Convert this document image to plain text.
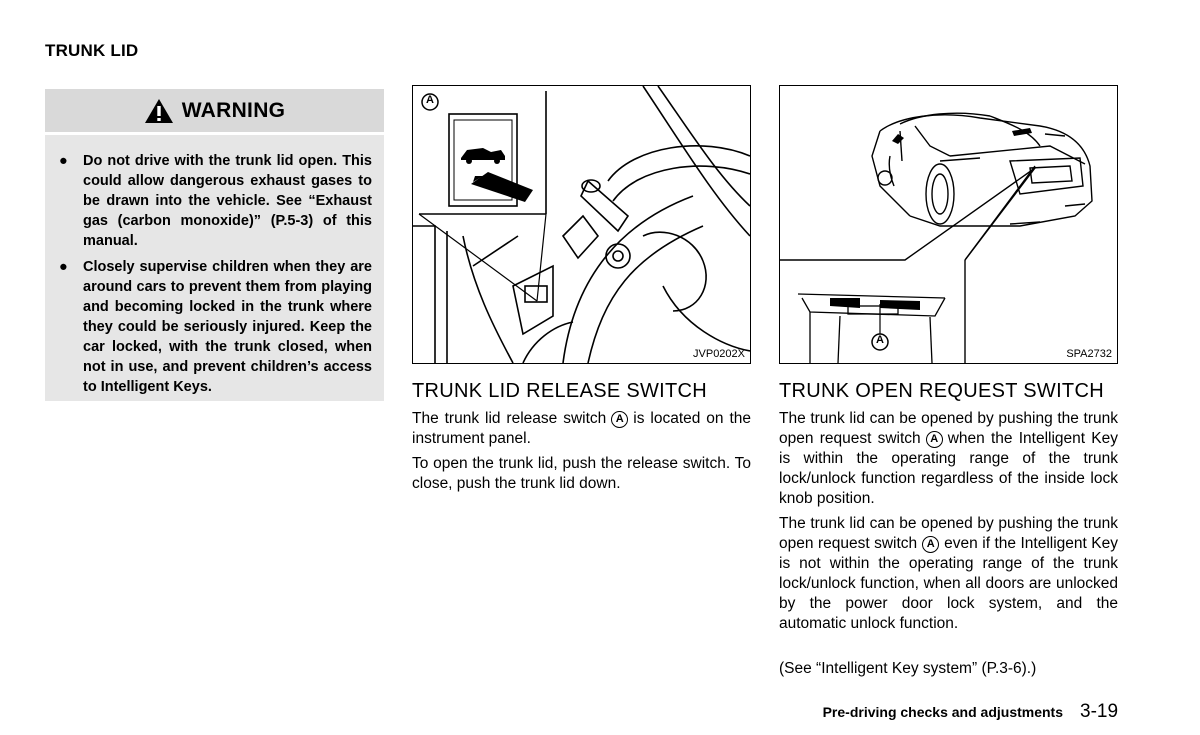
TRUNK LID
WARNING
● Do not drive with the trunk lid open. This could allow dangerous exhaust gases to be drawn into the vehicle. See “Exhaust gas (carbon monoxide)” (P.5-3) of this manual.
● Closely supervise children when they are around cars to prevent them from playing and becoming locked in the trunk where they could be seriously injured. Keep the car locked, with the trunk closed, when not in use, and prevent children’s access to Intelligent Keys.
A
JVP0202X
A
SPA2732
TRUNK LID RELEASE SWITCH
The trunk lid release switch A is located on the instrument panel.
To open the trunk lid, push the release switch. To close, push the trunk lid down.
TRUNK OPEN REQUEST SWITCH
The trunk lid can be opened by pushing the trunk open request switch A when the Intelligent Key is within the operating range of the trunk lock/unlock function regardless of the inside lock knob position.
The trunk lid can be opened by pushing the trunk open request switch A even if the Intelligent Key is not within the operating range of the trunk lock/unlock function, when all doors are unlocked by the power door lock system, and the automatic unlock function.
(See “Intelligent Key system” (P.3-6).)
Pre-driving checks and adjustments 3-19
